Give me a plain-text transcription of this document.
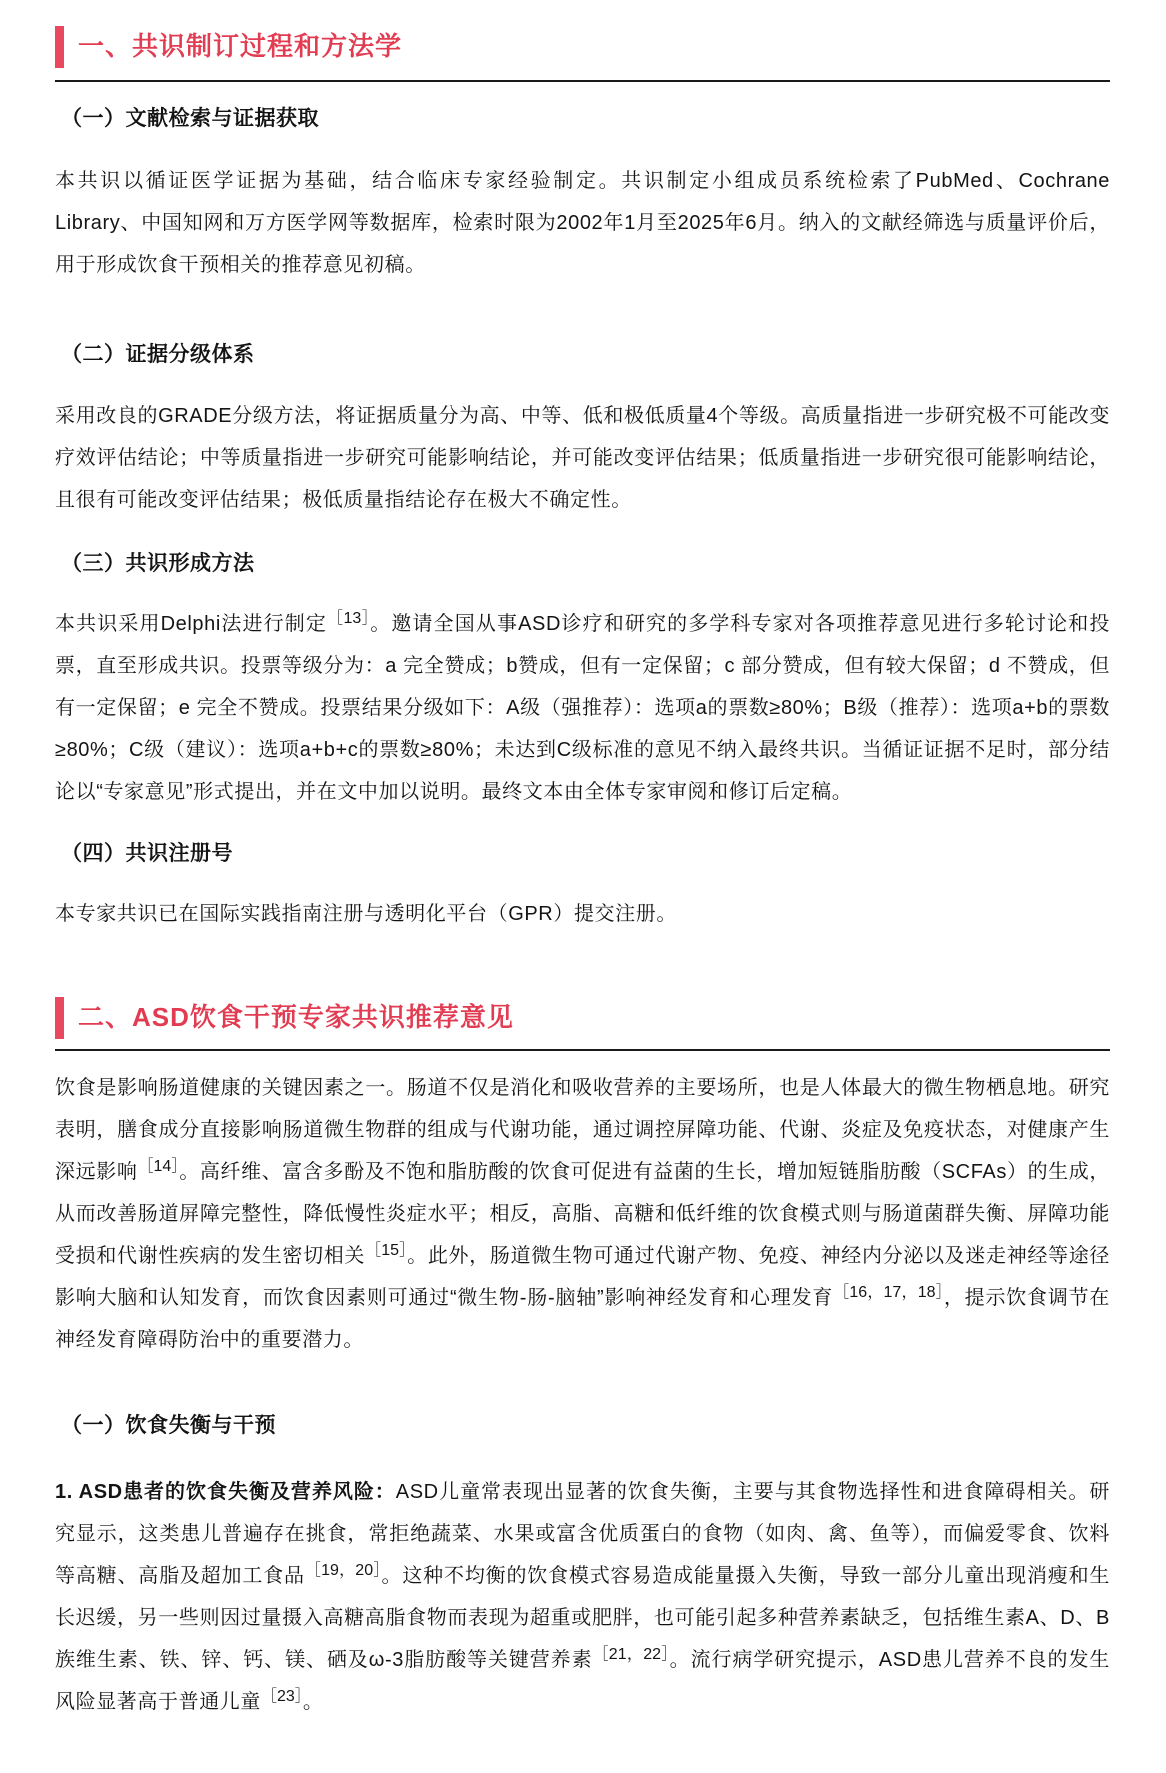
一、共识制订过程和方法学
（一）文献检索与证据获取

本共识以循证医学证据为基础，结合临床专家经验制定。共识制定小组成员系统检索了PubMed、Cochrane Library、中国知网和万方医学网等数据库，检索时限为2002年1月至2025年6月。纳入的文献经筛选与质量评价后，用于形成饮食干预相关的推荐意见初稿。

（二）证据分级体系

采用改良的GRADE分级方法，将证据质量分为高、中等、低和极低质量4个等级。高质量指进一步研究极不可能改变疗效评估结论；中等质量指进一步研究可能影响结论，并可能改变评估结果；低质量指进一步研究很可能影响结论，且很有可能改变评估结果；极低质量指结论存在极大不确定性。

（三）共识形成方法

本共识采用Delphi法进行制定$^{[13]}$。邀请全国从事ASD诊疗和研究的多学科专家对各项推荐意见进行多轮讨论和投票，直至形成共识。投票等级分为：a 完全赞成；b赞成，但有一定保留；c 部分赞成，但有较大保留；d 不赞成，但有一定保留；e 完全不赞成。投票结果分级如下：A级（强推荐）：选项a的票数≥80%；B级（推荐）：选项a+b的票数≥80%；C级（建议）：选项a+b+c的票数≥80%；未达到C级标准的意见不纳入最终共识。当循证证据不足时，部分结论以“专家意见”形式提出，并在文中加以说明。最终文本由全体专家审阅和修订后定稿。

（四）共识注册号

本专家共识已在国际实践指南注册与透明化平台（GPR）提交注册。

二、ASD饮食干预专家共识推荐意见

饮食是影响肠道健康的关键因素之一。肠道不仅是消化和吸收营养的主要场所，也是人体最大的微生物栖息地。研究表明，膳食成分直接影响肠道微生物群的组成与代谢功能，通过调控屏障功能、代谢、炎症及免疫状态，对健康产生深远影响$^{[14]}$。高纤维、富含多酚及不饱和脂肪酸的饮食可促进有益菌的生长，增加短链脂肪酸（SCFAs）的生成，从而改善肠道屏障完整性，降低慢性炎症水平；相反，高脂、高糖和低纤维的饮食模式则与肠道菌群失衡、屏障功能受损和代谢性疾病的发生密切相关$^{[15]}$。此外，肠道微生物可通过代谢产物、免疫、神经内分泌以及迷走神经等途径影响大脑和认知发育，而饮食因素则可通过“微生物-肠-脑轴”影响神经发育和心理发育$^{[16,17,18]}$，提示饮食调节在神经发育障碍防治中的重要潜力。

（一）饮食失衡与干预

1. ASD患者的饮食失衡及营养风险：ASD儿童常表现出显著的饮食失衡，主要与其食物选择性和进食障碍相关。研究显示，这类患儿普遍存在挑食，常拒绝蔬菜、水果或富含优质蛋白的食物（如肉、禽、鱼等），而偏爱零食、饮料等高糖、高脂及超加工食品$^{[19,20]}$。这种不均衡的饮食模式容易造成能量摄入失衡，导致一部分儿童出现消瘦和生长迟缓，另一些则因过量摄入高糖高脂食物而表现为超重或肥胖，也可能引起多种营养素缺乏，包括维生素A、D、B族维生素、铁、锌、钙、镁、硒及ω-3脂肪酸等关键营养素$^{[21,22]}$。流行病学研究提示，ASD患儿营养不良的发生风险显著高于普通儿童$^{[23]}$。
